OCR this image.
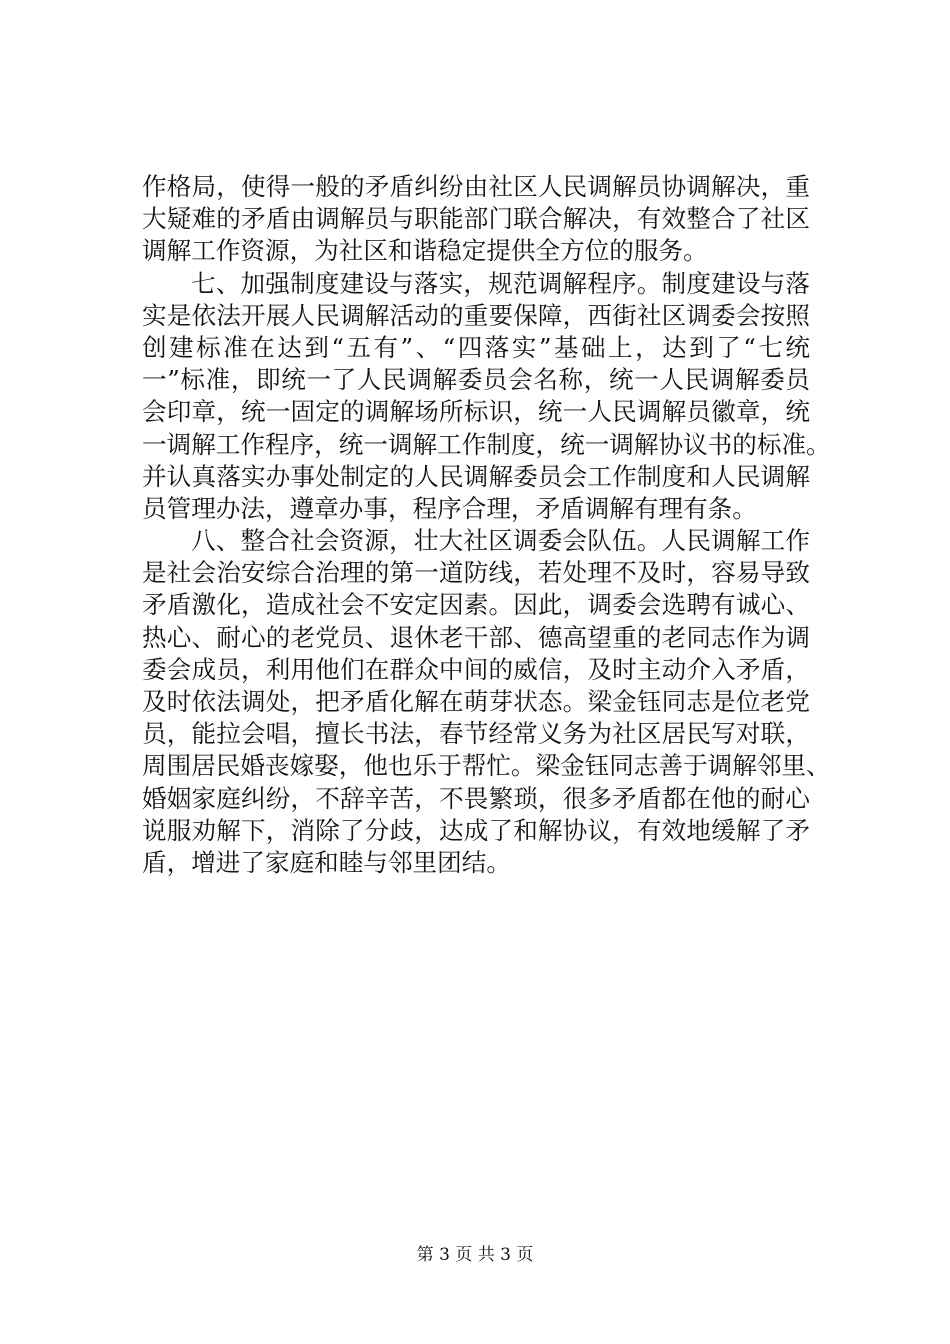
作格局，使得一般的矛盾纠纷由社区人民调解员协调解决，重
大疑难的矛盾由调解员与职能部门联合解决，有效整合了社区
调解工作资源，为社区和谐稳定提供全方位的服务。
七、加强制度建设与落实，规范调解程序。制度建设与落
实是依法开展人民调解活动的重要保障，西街社区调委会按照
创建标准在达到“五有”、“四落实”基础上，达到了“七统
一”标准，即统一了人民调解委员会名称，统一人民调解委员
会印章，统一固定的调解场所标识，统一人民调解员徽章，统
一调解工作程序，统一调解工作制度，统一调解协议书的标准。
并认真落实办事处制定的人民调解委员会工作制度和人民调解
员管理办法，遵章办事，程序合理，矛盾调解有理有条。
八、整合社会资源，壮大社区调委会队伍。人民调解工作
是社会治安综合治理的第一道防线，若处理不及时，容易导致
矛盾激化，造成社会不安定因素。因此，调委会选聘有诚心、
热心、耐心的老党员、退休老干部、德高望重的老同志作为调
委会成员，利用他们在群众中间的威信，及时主动介入矛盾，
及时依法调处，把矛盾化解在萌芽状态。梁金钰同志是位老党
员，能拉会唱，擅长书法，春节经常义务为社区居民写对联，
周围居民婚丧嫁娶，他也乐于帮忙。梁金钰同志善于调解邻里、
婚姻家庭纠纷，不辞辛苦，不畏繁琐，很多矛盾都在他的耐心
说服劝解下，消除了分歧，达成了和解协议，有效地缓解了矛
盾，增进了家庭和睦与邻里团结。
第 3 页 共 3 页
